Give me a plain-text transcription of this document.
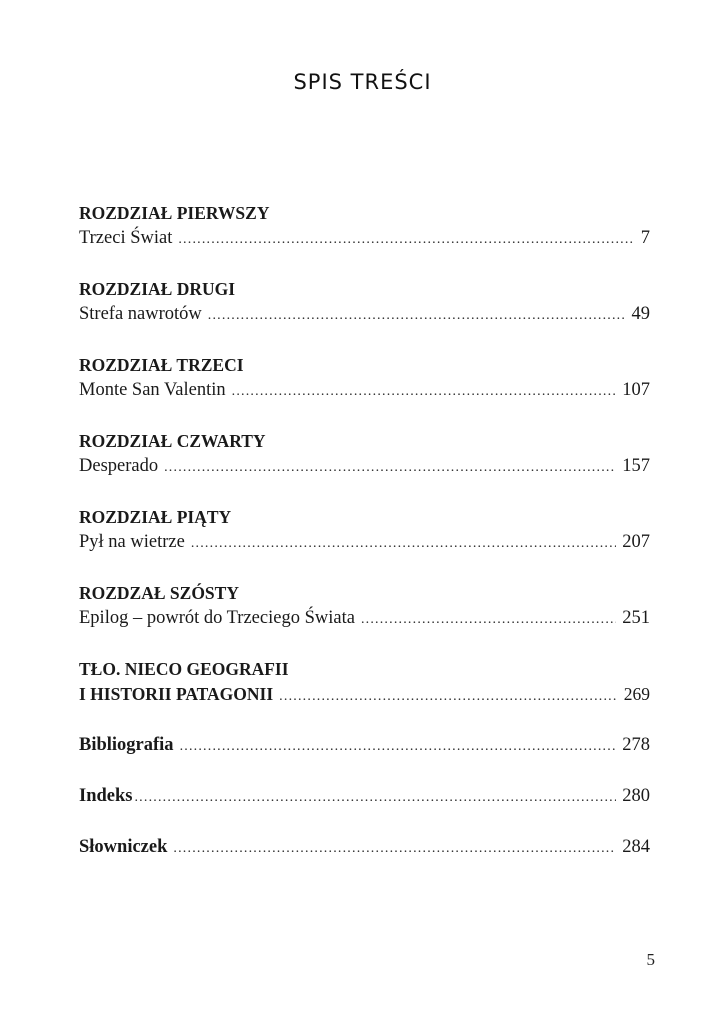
SPIS TREŚCI
ROZDZIAŁ PIERWSZY
Trzeci Świat .....	7
ROZDZIAŁ DRUGI
Strefa nawrotów .....	49
ROZDZIAŁ TRZECI
Monte San Valentin .....	107
ROZDZIAŁ CZWARTY
Desperado .....	157
ROZDZIAŁ PIĄTY
Pył na wietrze .....	207
ROZDZAŁ SZÓSTY
Epilog – powrót do Trzeciego Świata .....	251
TŁO. NIECO GEOGRAFII
I HISTORII PATAGONII .....	269
Bibliografia .....	278
Indeks .....	280
Słowniczek .....	284
5
